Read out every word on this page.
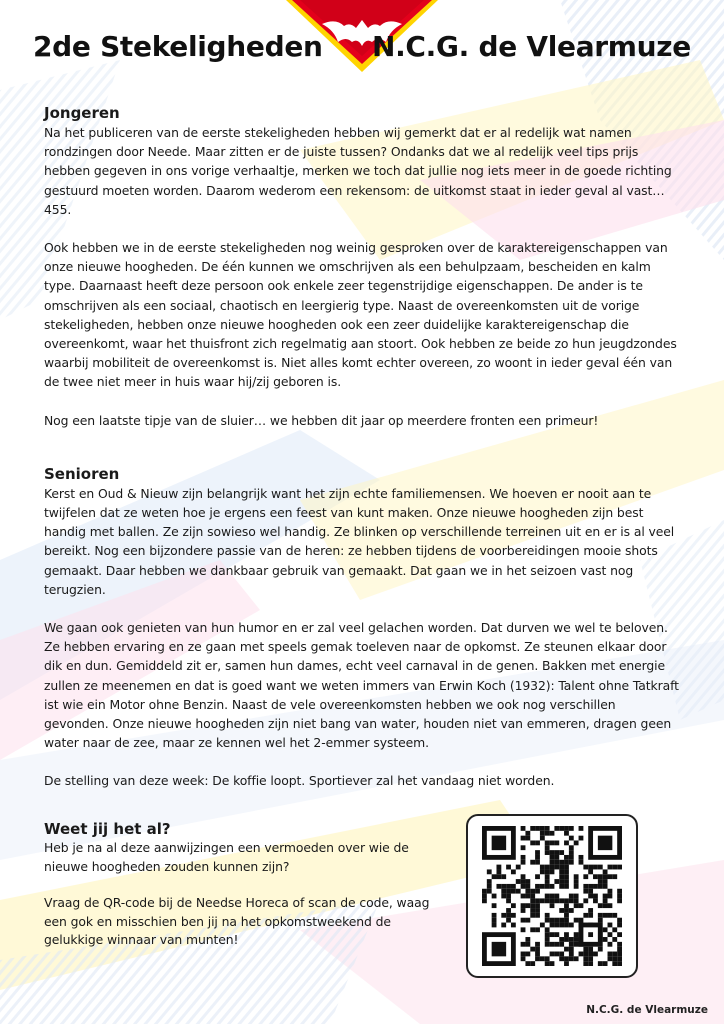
2de Stekeligheden N.C.G. de Vlearmuze
Jongeren

Na het publiceren van de eerste stekeligheden hebben wij gemerkt dat er al redelijk wat namen rondzingen door Neede. Maar zitten er de juiste tussen? Ondanks dat we al redelijk veel tips prijs hebben gegeven in ons vorige verhaaltje, merken we toch dat jullie nog iets meer in de goede richting gestuurd moeten worden. Daarom wederom een rekensom: de uitkomst staat in ieder geval al vast… 455.

Ook hebben we in de eerste stekeligheden nog weinig gesproken over de karaktereigenschappen van onze nieuwe hoogheden. De één kunnen we omschrijven als een behulpzaam, bescheiden en kalm type. Daarnaast heeft deze persoon ook enkele zeer tegenstrijdige eigenschappen. De ander is te omschrijven als een sociaal, chaotisch en leergierig type. Naast de overeenkomsten uit de vorige stekeligheden, hebben onze nieuwe hoogheden ook een zeer duidelijke karaktereigenschap die overeenkomt, waar het thuisfront zich regelmatig aan stoort. Ook hebben ze beide zo hun jeugdzondes waarbij mobiliteit de overeenkomst is. Niet alles komt echter overeen, zo woont in ieder geval één van de twee niet meer in huis waar hij/zij geboren is.

Nog een laatste tipje van de sluier… we hebben dit jaar op meerdere fronten een primeur!

Senioren

Kerst en Oud & Nieuw zijn belangrijk want het zijn echte familiemensen. We hoeven er nooit aan te twijfelen dat ze weten hoe je ergens een feest van kunt maken. Onze nieuwe hoogheden zijn best handig met ballen. Ze zijn sowieso wel handig. Ze blinken op verschillende terreinen uit en er is al veel bereikt. Nog een bijzondere passie van de heren: ze hebben tijdens de voorbereidingen mooie shots gemaakt. Daar hebben we dankbaar gebruik van gemaakt. Dat gaan we in het seizoen vast nog terugzien.

We gaan ook genieten van hun humor en er zal veel gelachen worden. Dat durven we wel te beloven. Ze hebben ervaring en ze gaan met speels gemak toeleven naar de opkomst. Ze steunen elkaar door dik en dun. Gemiddeld zit er, samen hun dames, echt veel carnaval in de genen. Bakken met energie zullen ze meenemen en dat is goed want we weten immers van Erwin Koch (1932): Talent ohne Tatkraft ist wie ein Motor ohne Benzin. Naast de vele overeenkomsten hebben we ook nog verschillen gevonden. Onze nieuwe hoogheden zijn niet bang van water, houden niet van emmeren, dragen geen water naar de zee, maar ze kennen wel het 2-emmer systeem.

De stelling van deze week: De koffie loopt. Sportiever zal het vandaag niet worden.

Weet jij het al?

Heb je na al deze aanwijzingen een vermoeden over wie de nieuwe hoogheden zouden kunnen zijn?

Vraag de QR-code bij de Needse Horeca of scan de code, waag een gok en misschien ben jij na het opkomstweekend de gelukkige winnaar van munten!

N.C.G. de Vlearmuze
